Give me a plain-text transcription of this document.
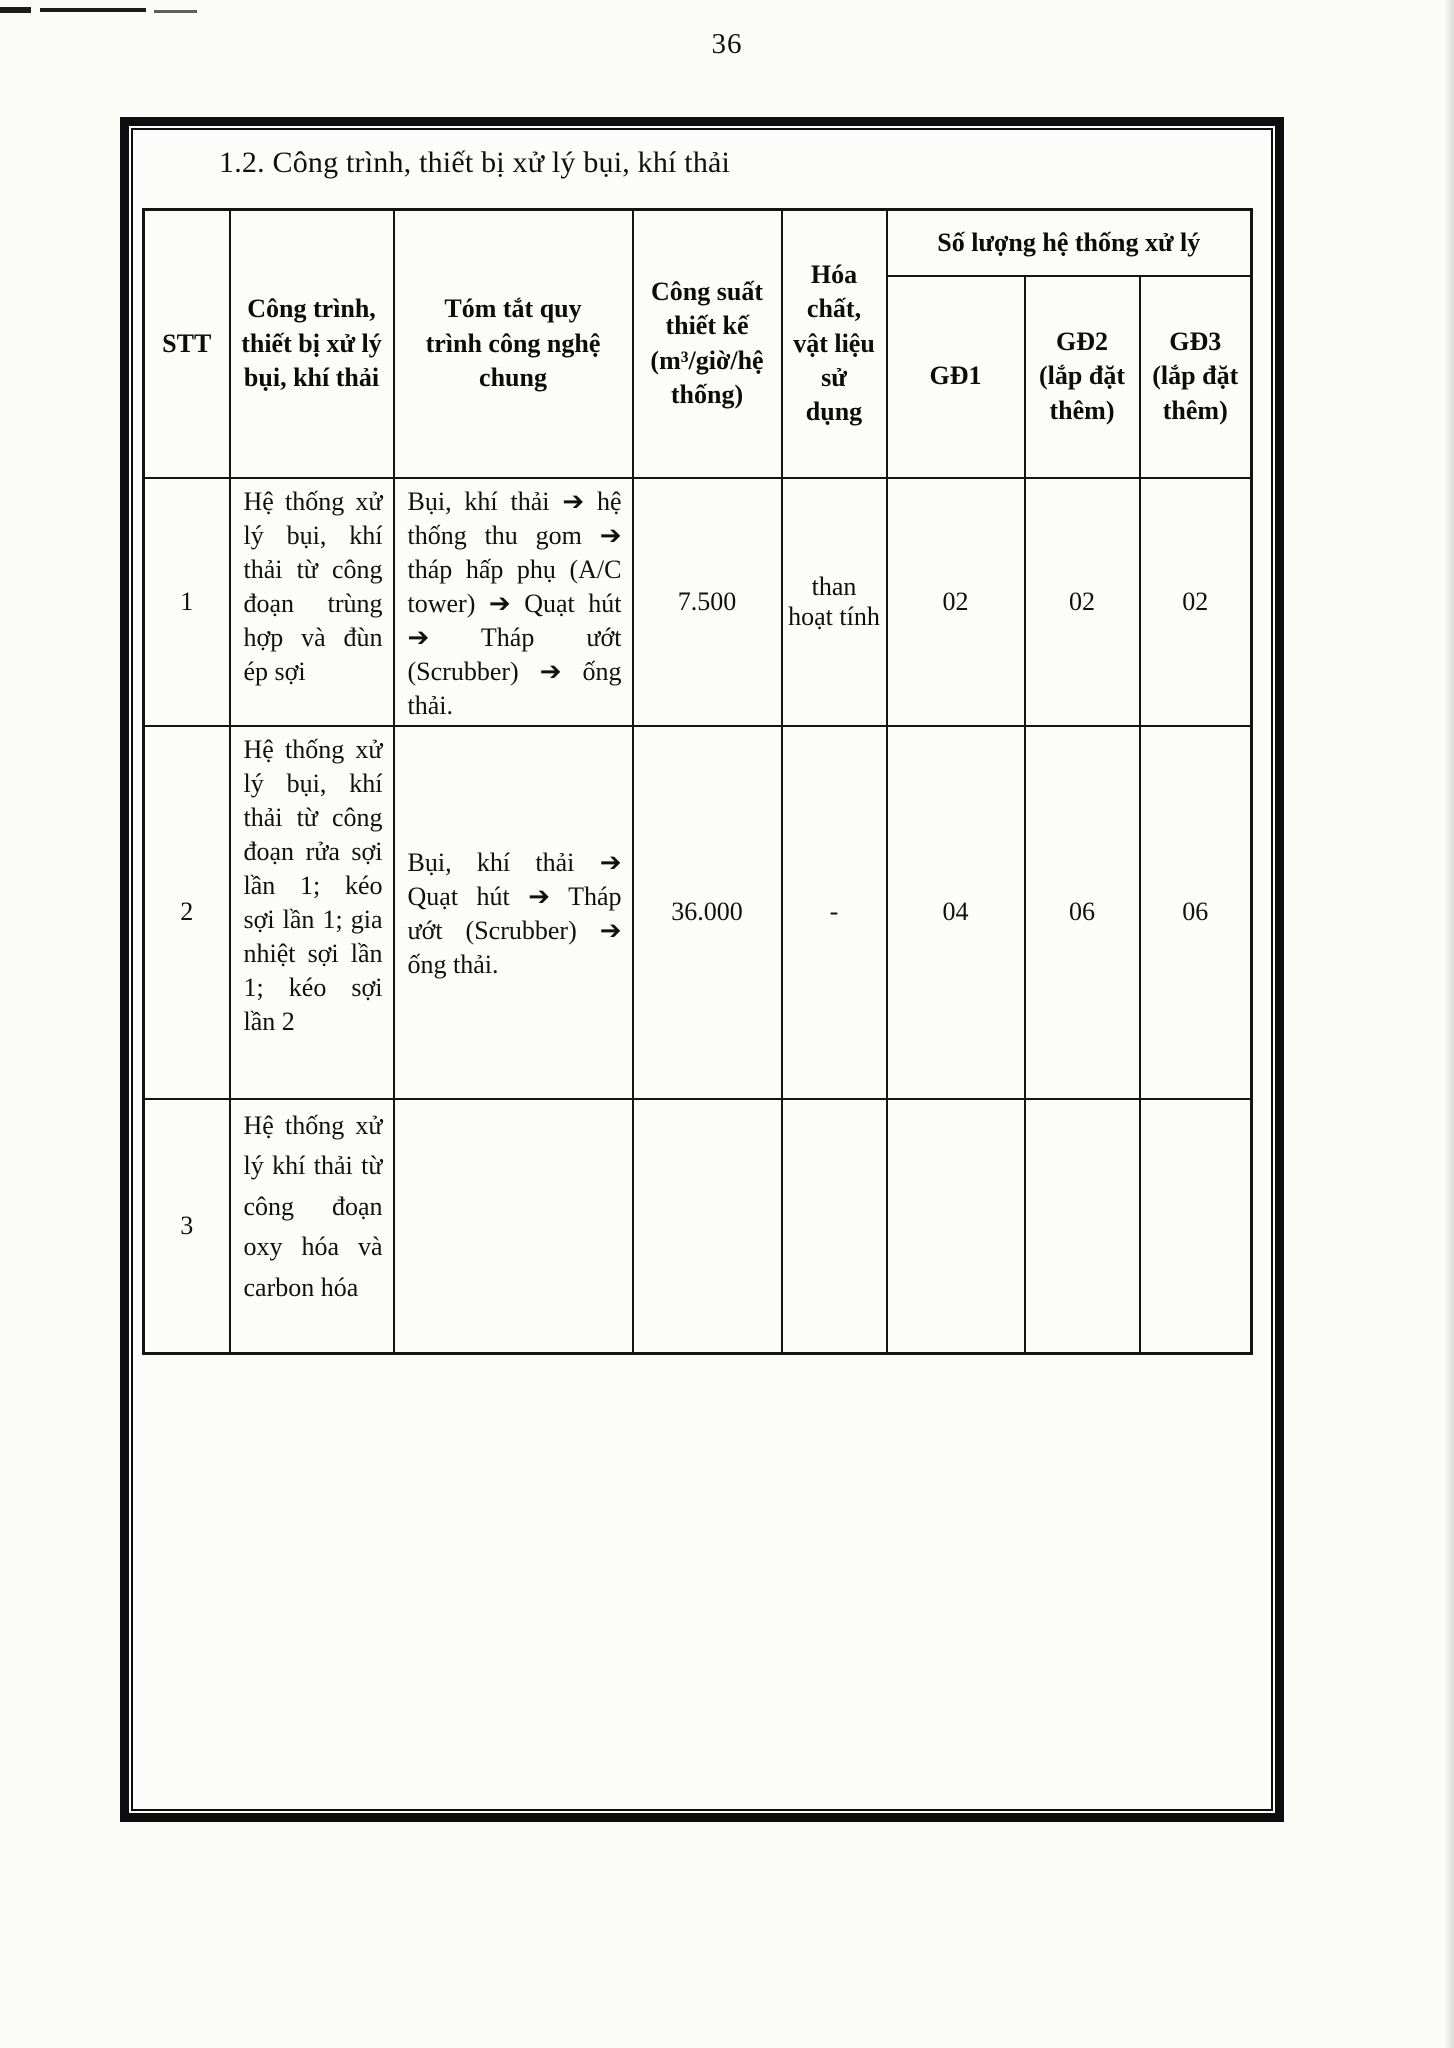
36
1.2. Công trình, thiết bị xử lý bụi, khí thải
STT	Công trình, thiết bị xử lý bụi, khí thải	Tóm tắt quy trình công nghệ chung	Công suất thiết kế (m³/giờ/hệ thống)	Hóa chất, vật liệu sử dụng	Số lượng hệ thống xử lý		
					GĐ1	GĐ2 (lắp đặt thêm)	GĐ3 (lắp đặt thêm)
1	Hệ thống xử lý bụi, khí thải từ công đoạn trùng hợp và đùn ép sợi	Bụi, khí thải ➔ hệ thống thu gom ➔ tháp hấp phụ (A/C tower) ➔ Quạt hút ➔ Tháp ướt (Scrubber) ➔ ống thải.	7.500	than hoạt tính	02	02	02
2	Hệ thống xử lý bụi, khí thải từ công đoạn rửa sợi lần 1; kéo sợi lần 1; gia nhiệt sợi lần 1; kéo sợi lần 2	Bụi, khí thải ➔ Quạt hút ➔ Tháp ướt (Scrubber) ➔ ống thải.	36.000	-	04	06	06
3	Hệ thống xử lý khí thải từ công đoạn oxy hóa và carbon hóa						
